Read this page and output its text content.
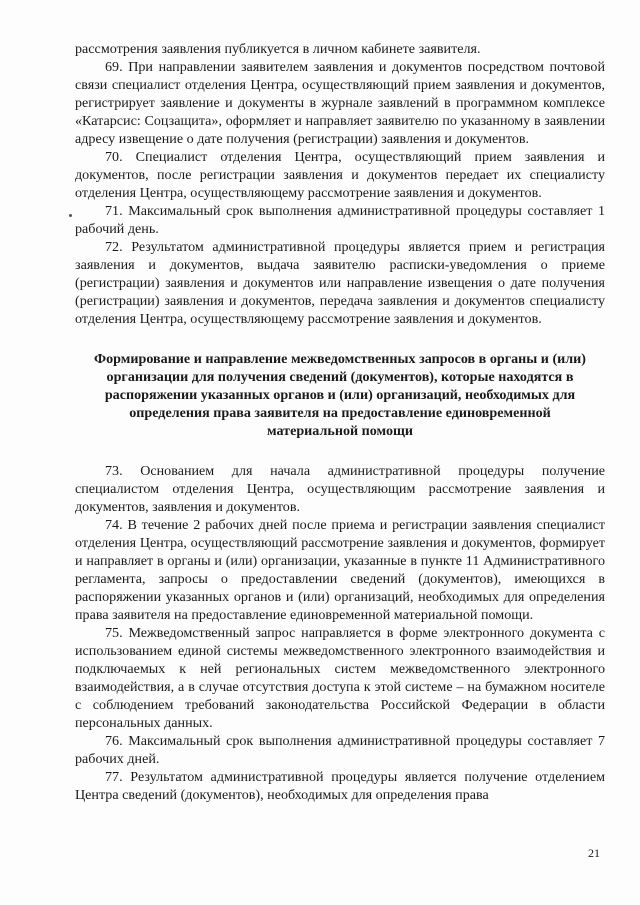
рассмотрения заявления публикуется в личном кабинете заявителя.

69. При направлении заявителем заявления и документов посредством почтовой связи специалист отделения Центра, осуществляющий прием заявления и документов, регистрирует заявление и документы в журнале заявлений в программном комплексе «Катарсис: Соцзащита», оформляет и направляет заявителю по указанному в заявлении адресу извещение о дате получения (регистрации) заявления и документов.

70. Специалист отделения Центра, осуществляющий прием заявления и документов, после регистрации заявления и документов передает их специалисту отделения Центра, осуществляющему рассмотрение заявления и документов.

71. Максимальный срок выполнения административной процедуры составляет 1 рабочий день.

72. Результатом административной процедуры является прием и регистрация заявления и документов, выдача заявителю расписки-уведомления о приеме (регистрации) заявления и документов или направление извещения о дате получения (регистрации) заявления и документов, передача заявления и документов специалисту отделения Центра, осуществляющему рассмотрение заявления и документов.

Формирование и направление межведомственных запросов в органы и (или) организации для получения сведений (документов), которые находятся в распоряжении указанных органов и (или) организаций, необходимых для определения права заявителя на предоставление единовременной материальной помощи

73. Основанием для начала административной процедуры получение специалистом отделения Центра, осуществляющим рассмотрение заявления и документов, заявления и документов.

74. В течение 2 рабочих дней после приема и регистрации заявления специалист отделения Центра, осуществляющий рассмотрение заявления и документов, формирует и направляет в органы и (или) организации, указанные в пункте 11 Административного регламента, запросы о предоставлении сведений (документов), имеющихся в распоряжении указанных органов и (или) организаций, необходимых для определения права заявителя на предоставление единовременной материальной помощи.

75. Межведомственный запрос направляется в форме электронного документа с использованием единой системы межведомственного электронного взаимодействия и подключаемых к ней региональных систем межведомственного электронного взаимодействия, а в случае отсутствия доступа к этой системе – на бумажном носителе с соблюдением требований законодательства Российской Федерации в области персональных данных.

76. Максимальный срок выполнения административной процедуры составляет 7 рабочих дней.

77. Результатом административной процедуры является получение отделением Центра сведений (документов), необходимых для определения права

21
